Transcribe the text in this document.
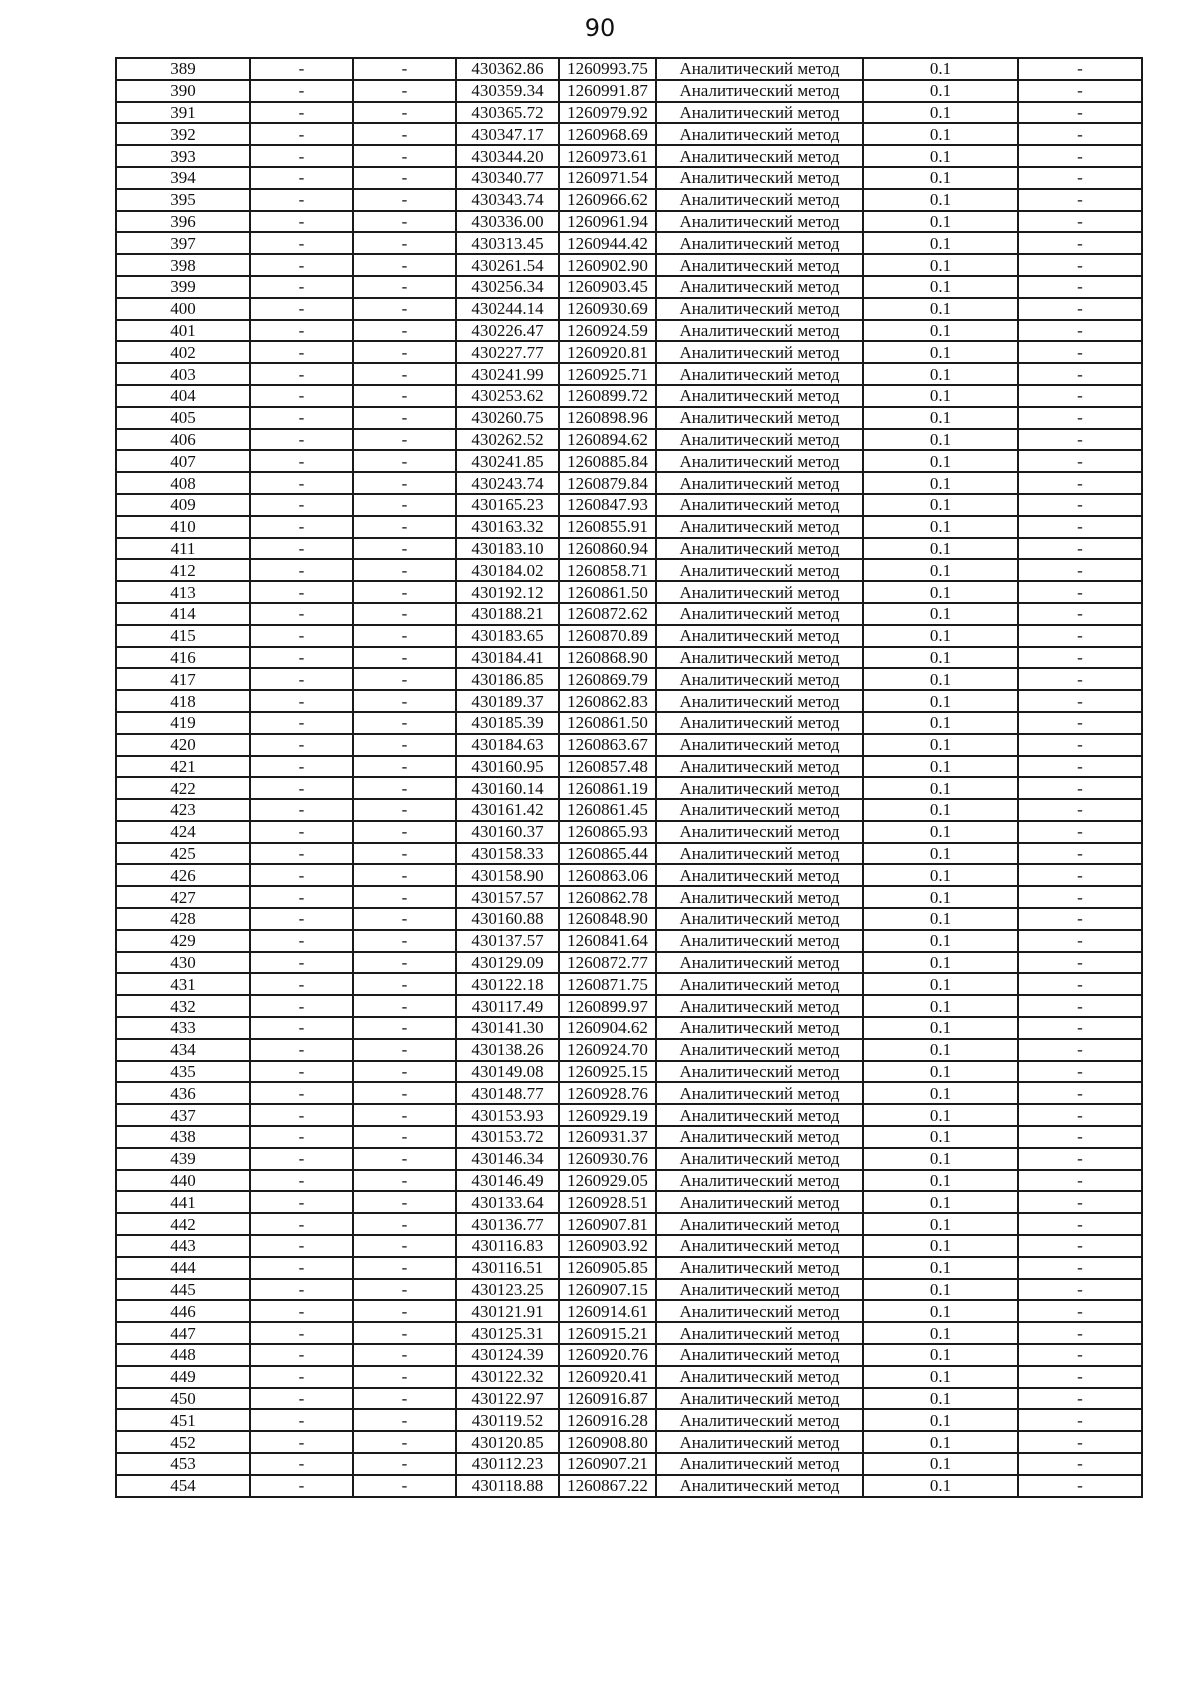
90
389	-	-	430362.86	1260993.75	Аналитический метод	0.1	-
390	-	-	430359.34	1260991.87	Аналитический метод	0.1	-
391	-	-	430365.72	1260979.92	Аналитический метод	0.1	-
392	-	-	430347.17	1260968.69	Аналитический метод	0.1	-
393	-	-	430344.20	1260973.61	Аналитический метод	0.1	-
394	-	-	430340.77	1260971.54	Аналитический метод	0.1	-
395	-	-	430343.74	1260966.62	Аналитический метод	0.1	-
396	-	-	430336.00	1260961.94	Аналитический метод	0.1	-
397	-	-	430313.45	1260944.42	Аналитический метод	0.1	-
398	-	-	430261.54	1260902.90	Аналитический метод	0.1	-
399	-	-	430256.34	1260903.45	Аналитический метод	0.1	-
400	-	-	430244.14	1260930.69	Аналитический метод	0.1	-
401	-	-	430226.47	1260924.59	Аналитический метод	0.1	-
402	-	-	430227.77	1260920.81	Аналитический метод	0.1	-
403	-	-	430241.99	1260925.71	Аналитический метод	0.1	-
404	-	-	430253.62	1260899.72	Аналитический метод	0.1	-
405	-	-	430260.75	1260898.96	Аналитический метод	0.1	-
406	-	-	430262.52	1260894.62	Аналитический метод	0.1	-
407	-	-	430241.85	1260885.84	Аналитический метод	0.1	-
408	-	-	430243.74	1260879.84	Аналитический метод	0.1	-
409	-	-	430165.23	1260847.93	Аналитический метод	0.1	-
410	-	-	430163.32	1260855.91	Аналитический метод	0.1	-
411	-	-	430183.10	1260860.94	Аналитический метод	0.1	-
412	-	-	430184.02	1260858.71	Аналитический метод	0.1	-
413	-	-	430192.12	1260861.50	Аналитический метод	0.1	-
414	-	-	430188.21	1260872.62	Аналитический метод	0.1	-
415	-	-	430183.65	1260870.89	Аналитический метод	0.1	-
416	-	-	430184.41	1260868.90	Аналитический метод	0.1	-
417	-	-	430186.85	1260869.79	Аналитический метод	0.1	-
418	-	-	430189.37	1260862.83	Аналитический метод	0.1	-
419	-	-	430185.39	1260861.50	Аналитический метод	0.1	-
420	-	-	430184.63	1260863.67	Аналитический метод	0.1	-
421	-	-	430160.95	1260857.48	Аналитический метод	0.1	-
422	-	-	430160.14	1260861.19	Аналитический метод	0.1	-
423	-	-	430161.42	1260861.45	Аналитический метод	0.1	-
424	-	-	430160.37	1260865.93	Аналитический метод	0.1	-
425	-	-	430158.33	1260865.44	Аналитический метод	0.1	-
426	-	-	430158.90	1260863.06	Аналитический метод	0.1	-
427	-	-	430157.57	1260862.78	Аналитический метод	0.1	-
428	-	-	430160.88	1260848.90	Аналитический метод	0.1	-
429	-	-	430137.57	1260841.64	Аналитический метод	0.1	-
430	-	-	430129.09	1260872.77	Аналитический метод	0.1	-
431	-	-	430122.18	1260871.75	Аналитический метод	0.1	-
432	-	-	430117.49	1260899.97	Аналитический метод	0.1	-
433	-	-	430141.30	1260904.62	Аналитический метод	0.1	-
434	-	-	430138.26	1260924.70	Аналитический метод	0.1	-
435	-	-	430149.08	1260925.15	Аналитический метод	0.1	-
436	-	-	430148.77	1260928.76	Аналитический метод	0.1	-
437	-	-	430153.93	1260929.19	Аналитический метод	0.1	-
438	-	-	430153.72	1260931.37	Аналитический метод	0.1	-
439	-	-	430146.34	1260930.76	Аналитический метод	0.1	-
440	-	-	430146.49	1260929.05	Аналитический метод	0.1	-
441	-	-	430133.64	1260928.51	Аналитический метод	0.1	-
442	-	-	430136.77	1260907.81	Аналитический метод	0.1	-
443	-	-	430116.83	1260903.92	Аналитический метод	0.1	-
444	-	-	430116.51	1260905.85	Аналитический метод	0.1	-
445	-	-	430123.25	1260907.15	Аналитический метод	0.1	-
446	-	-	430121.91	1260914.61	Аналитический метод	0.1	-
447	-	-	430125.31	1260915.21	Аналитический метод	0.1	-
448	-	-	430124.39	1260920.76	Аналитический метод	0.1	-
449	-	-	430122.32	1260920.41	Аналитический метод	0.1	-
450	-	-	430122.97	1260916.87	Аналитический метод	0.1	-
451	-	-	430119.52	1260916.28	Аналитический метод	0.1	-
452	-	-	430120.85	1260908.80	Аналитический метод	0.1	-
453	-	-	430112.23	1260907.21	Аналитический метод	0.1	-
454	-	-	430118.88	1260867.22	Аналитический метод	0.1	-
